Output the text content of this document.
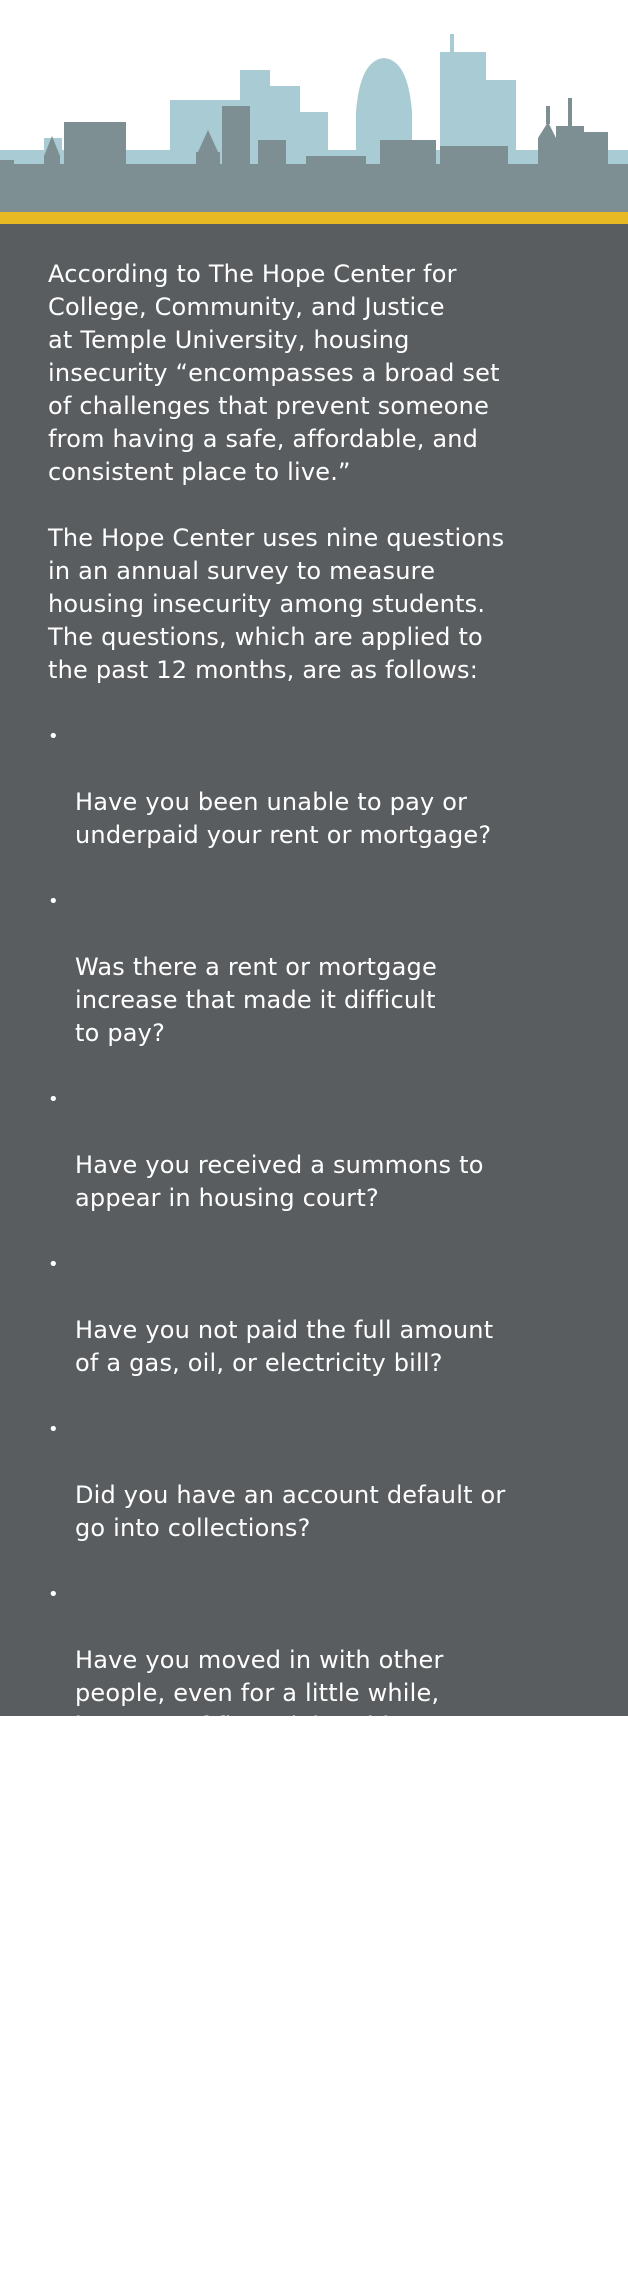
According to The Hope Center for
College, Community, and Justice
at Temple University, housing
insecurity “encompasses a broad set
of challenges that prevent someone
from having a safe, affordable, and
consistent place to live.”

The Hope Center uses nine questions
in an annual survey to measure
housing insecurity among students.
The questions, which are applied to
the past 12 months, are as follows:

•

Have you been unable to pay or
underpaid your rent or mortgage?

•

Was there a rent or mortgage
increase that made it difficult
to pay?

•

Have you received a summons to
appear in housing court?

•

Have you not paid the full amount
of a gas, oil, or electricity bill?

•

Did you have an account default or
go into collections?

•

Have you moved in with other
people, even for a little while,
because of financial problems?

•

Have you lived with others beyond
the expected capacity of the
house or apartment?

•

Did you leave your household
because you felt unsafe?

•

How many times have you moved?
